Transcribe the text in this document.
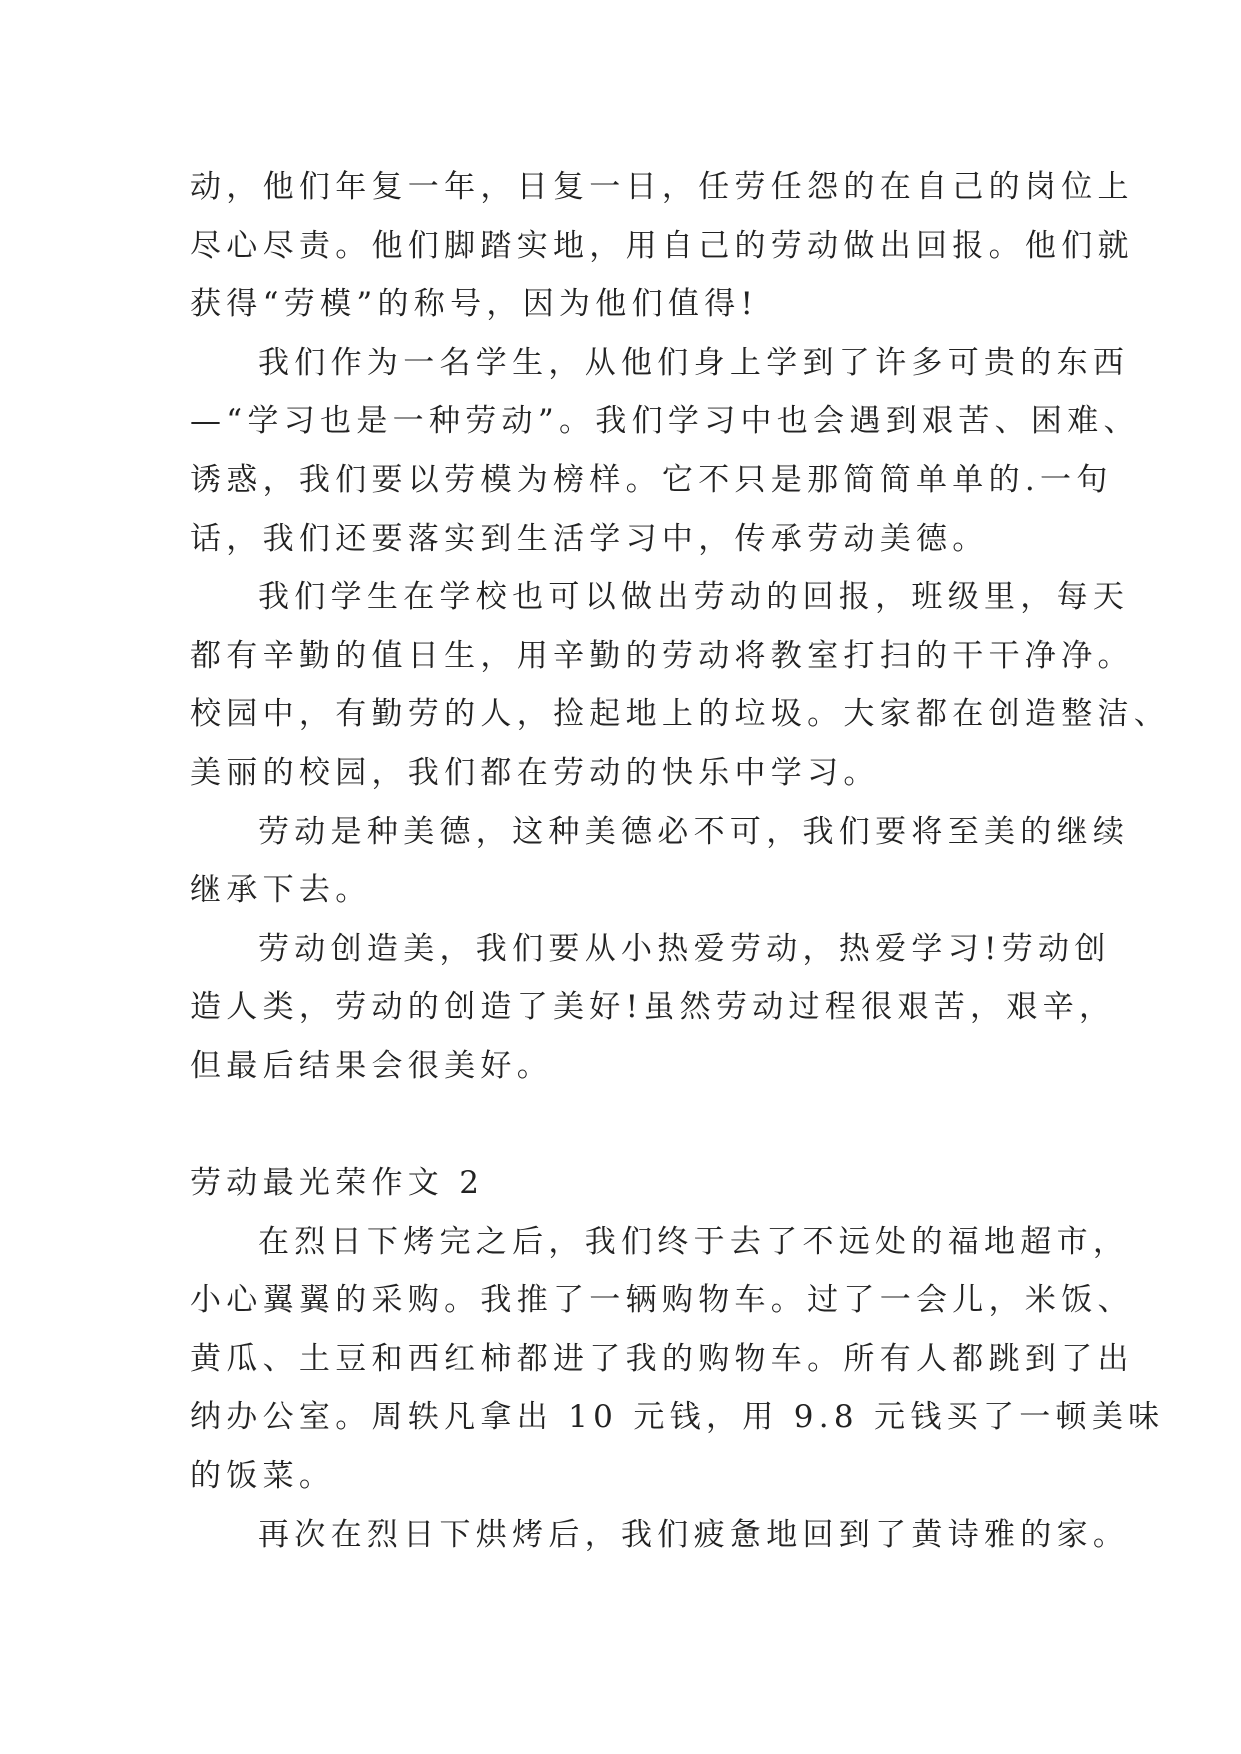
动，他们年复一年，日复一日，任劳任怨的在自己的岗位上
尽心尽责。他们脚踏实地，用自己的劳动做出回报。他们就
获得“劳模”的称号，因为他们值得!
我们作为一名学生，从他们身上学到了许多可贵的东西
—“学习也是一种劳动”。我们学习中也会遇到艰苦、困难、
诱惑，我们要以劳模为榜样。它不只是那简简单单的.一句
话，我们还要落实到生活学习中，传承劳动美德。
我们学生在学校也可以做出劳动的回报，班级里，每天
都有辛勤的值日生，用辛勤的劳动将教室打扫的干干净净。
校园中，有勤劳的人，捡起地上的垃圾。大家都在创造整洁、
美丽的校园，我们都在劳动的快乐中学习。
劳动是种美德，这种美德必不可，我们要将至美的继续
继承下去。
劳动创造美，我们要从小热爱劳动，热爱学习!劳动创
造人类，劳动的创造了美好!虽然劳动过程很艰苦，艰辛，
但最后结果会很美好。
劳动最光荣作文 2
在烈日下烤完之后，我们终于去了不远处的福地超市，
小心翼翼的采购。我推了一辆购物车。过了一会儿，米饭、
黄瓜、土豆和西红柿都进了我的购物车。所有人都跳到了出
纳办公室。周轶凡拿出 10 元钱，用 9.8 元钱买了一顿美味
的饭菜。
再次在烈日下烘烤后，我们疲惫地回到了黄诗雅的家。
